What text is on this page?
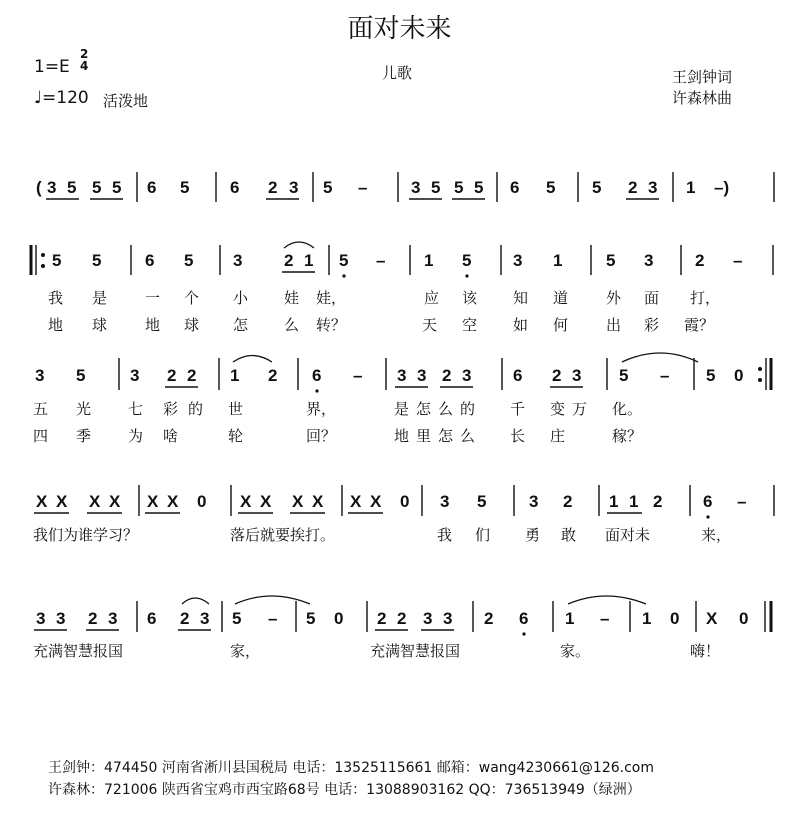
面对未来
1=E
2
4
♩=120 活泼地
儿歌	王剑钟词
许森林曲
( 3 5 5 5 6 5 6 2 3 5 –	3 5 5 5 6 5 5 2 3 1 –)
5 5	6 5 3 2 1 5 – 1 5 3 1	5 3 2 –
我 是	一 个 小 娃 娃，	应 该 知 道	外 面 打，
地 球	地 球 怎 么 转？	天 空 如 何	出 彩 霞？
3 5	3 2 2 1 2 6 – 3 3 2 3 6 2 3 5 – 5 0
五 光 七 彩 的 世	界，	是 怎 么 的 千 变 万 化。
四 季 为 啥	轮	回？	地 里 怎 么 长 庄	稼？
X X X X X X 0 X X X X X X 0 3 5	3 2 1 1 2 6 –
我们为谁学习？	落后就要挨打。	我 们 勇 敢 面对未	来，
3 3 2 3 6 2 3 5 – 5 0 2 2 3 3 2 6 1 – 1 0 X 0
充满智慧报国	家，	充满智慧报国	家。	嗨！
王剑钟：474450 河南省淅川县国税局 电话：13525115661 邮箱：wang4230661@126.com
许森林：721006 陕西省宝鸡市西宝路68号 电话：13088903162 QQ：736513949（绿洲）
